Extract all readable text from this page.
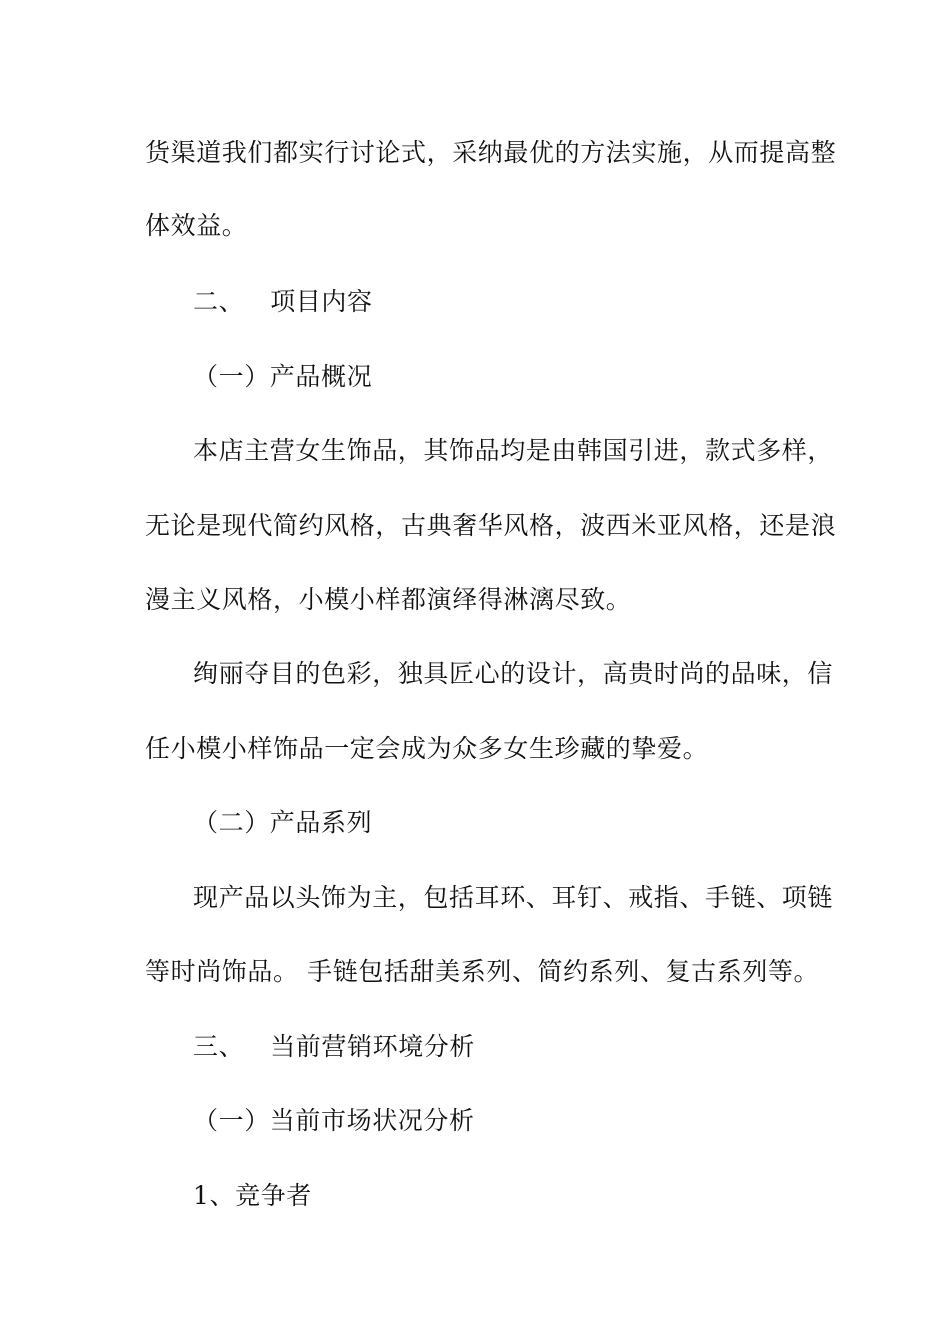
货渠道我们都实行讨论式，采纳最优的方法实施，从而提高整
体效益。
二、 项目内容
（一）产品概况
本店主营女生饰品，其饰品均是由韩国引进，款式多样，
无论是现代简约风格，古典奢华风格，波西米亚风格，还是浪
漫主义风格，小模小样都演绎得淋漓尽致。
绚丽夺目的色彩，独具匠心的设计，高贵时尚的品味，信
任小模小样饰品一定会成为众多女生珍藏的挚爱。
（二）产品系列
现产品以头饰为主，包括耳环、耳钉、戒指、手链、项链
等时尚饰品。 手链包括甜美系列、简约系列、复古系列等。
三、 当前营销环境分析
（一）当前市场状况分析
1、竞争者
